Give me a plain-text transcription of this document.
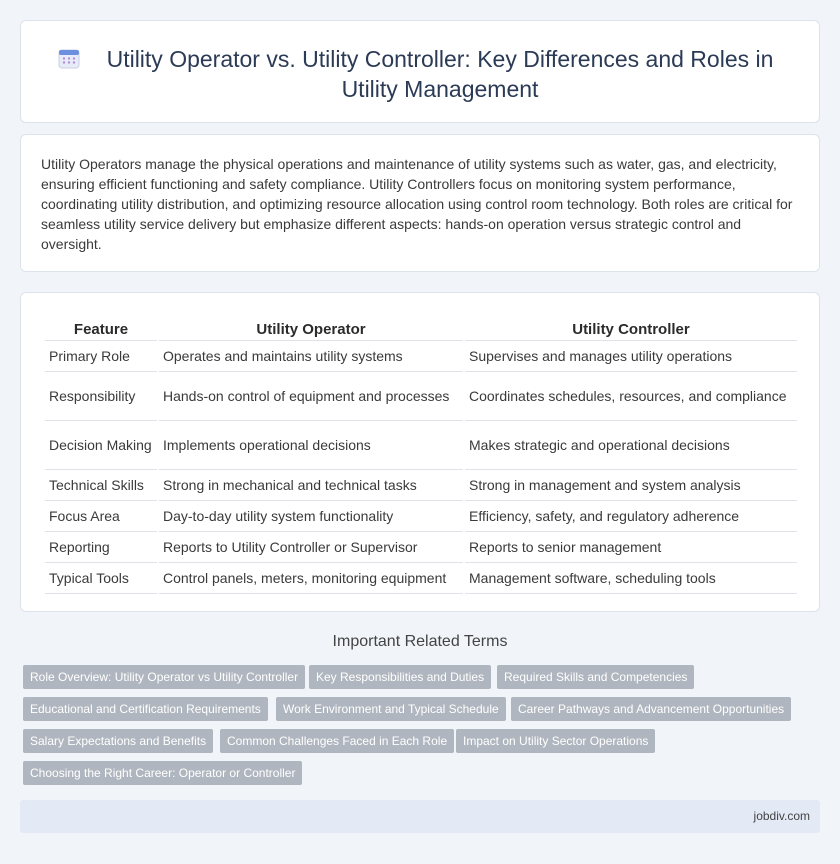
Utility Operator vs. Utility Controller: Key Differences and Roles in Utility Management

Utility Operators manage the physical operations and maintenance of utility systems such as water, gas, and electricity, ensuring efficient functioning and safety compliance. Utility Controllers focus on monitoring system performance, coordinating utility distribution, and optimizing resource allocation using control room technology. Both roles are critical for seamless utility service delivery but emphasize different aspects: hands-on operation versus strategic control and oversight.

Feature	Utility Operator	Utility Controller
Primary Role	Operates and maintains utility systems	Supervises and manages utility operations
Responsibility	Hands-on control of equipment and processes	Coordinates schedules, resources, and compliance
Decision Making	Implements operational decisions	Makes strategic and operational decisions
Technical Skills	Strong in mechanical and technical tasks	Strong in management and system analysis
Focus Area	Day-to-day utility system functionality	Efficiency, safety, and regulatory adherence
Reporting	Reports to Utility Controller or Supervisor	Reports to senior management
Typical Tools	Control panels, meters, monitoring equipment	Management software, scheduling tools
Important Related Terms
Role Overview: Utility Operator vs Utility Controller	Key Responsibilities and Duties	Required Skills and Competencies
Educational and Certification Requirements	Work Environment and Typical Schedule	Career Pathways and Advancement Opportunities
Salary Expectations and Benefits	Common Challenges Faced in Each Role	Impact on Utility Sector Operations
Choosing the Right Career: Operator or Controller
jobdiv.com
